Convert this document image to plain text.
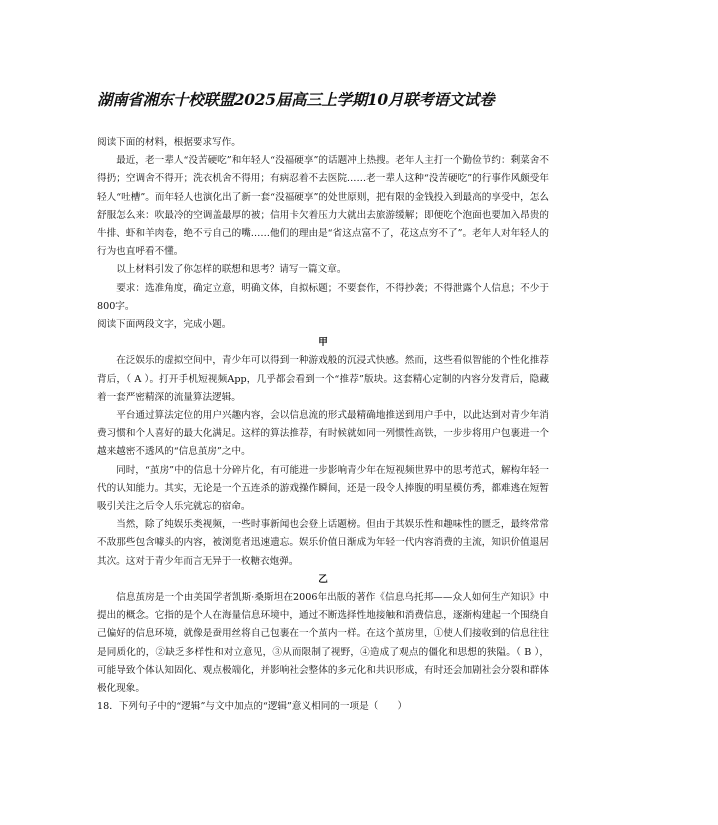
湖南省湘东十校联盟2025届高三上学期10月联考语文试卷

阅读下面的材料，根据要求写作。

最近，老一辈人“没苦硬吃”和年轻人“没福硬享”的话题冲上热搜。老年人主打一个勤俭节约：剩菜舍不得扔；空调舍不得开；洗衣机舍不得用；有病忍着不去医院……老一辈人这种“没苦硬吃”的行事作风颇受年轻人“吐槽”。而年轻人也演化出了新一套“没福硬享”的处世原则，把有限的金钱投入到最高的享受中，怎么舒服怎么来：吹最冷的空调盖最厚的被；信用卡欠着压力大就出去旅游缓解；即便吃个泡面也要加入昂贵的牛排、虾和羊肉卷，绝不亏自己的嘴……他们的理由是“省这点富不了，花这点穷不了”。老年人对年轻人的行为也直呼看不懂。

以上材料引发了你怎样的联想和思考？请写一篇文章。

要求：选准角度，确定立意，明确文体，自拟标题；不要套作，不得抄袭；不得泄露个人信息；不少于800字。

阅读下面两段文字，完成小题。

甲

在泛娱乐的虚拟空间中，青少年可以得到一种游戏般的沉浸式快感。然而，这些看似智能的个性化推荐背后，（ A ）。打开手机短视频App，几乎都会看到一个“推荐”版块。这套精心定制的内容分发背后，隐藏着一套严密精深的流量算法逻辑。

平台通过算法定位的用户兴趣内容，会以信息流的形式最精确地推送到用户手中，以此达到对青少年消费习惯和个人喜好的最大化满足。这样的算法推荐，有时候就如同一列惯性高铁，一步步将用户包裹进一个越来越密不透风的“信息茧房”之中。

同时，“茧房”中的信息十分碎片化，有可能进一步影响青少年在短视频世界中的思考范式，解构年轻一代的认知能力。其实，无论是一个五连杀的游戏操作瞬间，还是一段令人捧腹的明星模仿秀，都难逃在短暂吸引关注之后令人乐完就忘的宿命。

当然，除了纯娱乐类视频，一些时事新闻也会登上话题榜。但由于其娱乐性和趣味性的匮乏，最终常常不敌那些包含噱头的内容，被浏览者迅速遗忘。娱乐价值日渐成为年轻一代内容消费的主流，知识价值退居其次。这对于青少年而言无异于一枚糖衣炮弹。

乙

信息茧房是一个由美国学者凯斯·桑斯坦在2006年出版的著作《信息乌托邦——众人如何生产知识》中提出的概念。它指的是个人在海量信息环境中，通过不断选择性地接触和消费信息，逐渐构建起一个围绕自己偏好的信息环境，就像是蚕用丝将自己包裹在一个茧内一样。在这个茧房里，①使人们接收到的信息往往是同质化的，②缺乏多样性和对立意见，③从而限制了视野，④造成了观点的僵化和思想的狭隘。（ B ），可能导致个体认知固化、观点极端化，并影响社会整体的多元化和共识形成，有时还会加剧社会分裂和群体极化现象。

18．下列句子中的“逻辑”与文中加点的“逻辑”意义相同的一项是（　　）
